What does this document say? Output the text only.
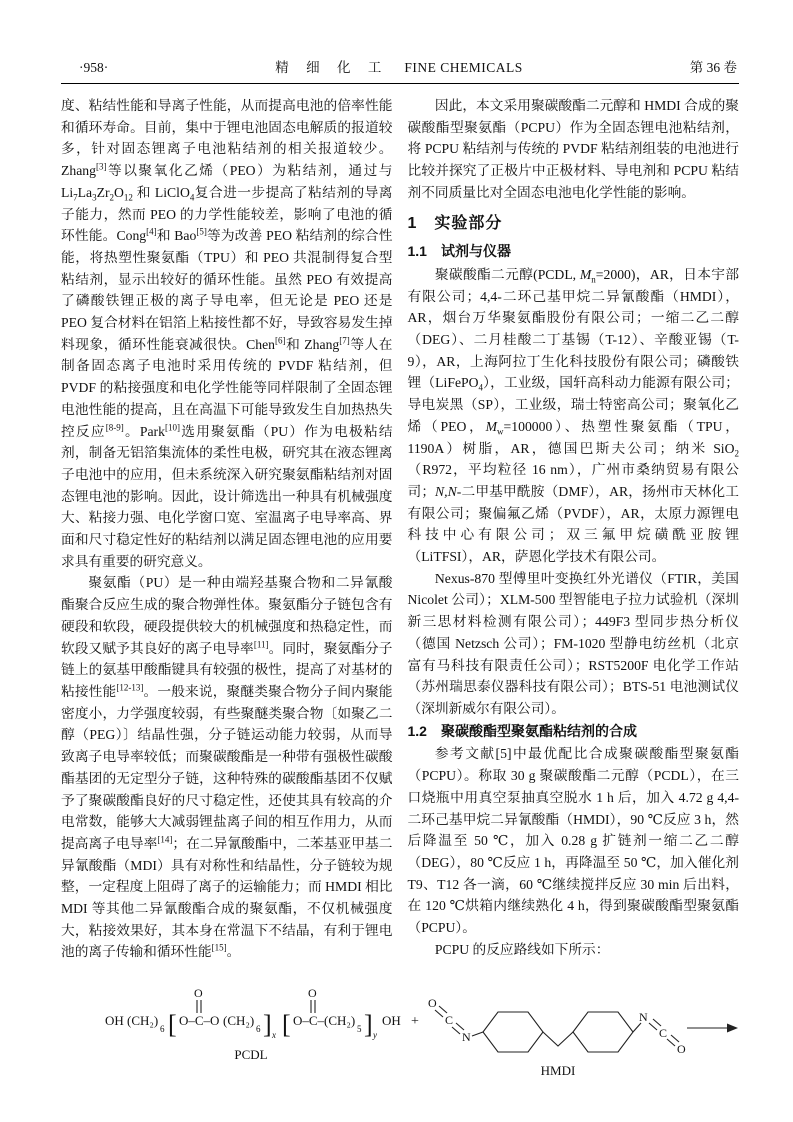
·958·	精 细 化 工 FINE CHEMICALS	第 36 卷

度、粘结性能和导离子性能，从而提高电池的倍率性能和循环寿命。目前，集中于锂电池固态电解质的报道较多，针对固态锂离子电池粘结剂的相关报道较少。Zhang[3]等以聚氧化乙烯（PEO）为粘结剂，通过与 $Li_7La_3Zr_2O_{12}$ 和 LiClO$_4$复合进一步提高了粘结剂的导离子能力，然而 PEO 的力学性能较差，影响了电池的循环性能。Cong[4]和 Bao[5]等为改善 PEO 粘结剂的综合性能，将热塑性聚氨酯（TPU）和 PEO 共混制得复合型粘结剂，显示出较好的循环性能。虽然 PEO 有效提高了磷酸铁锂正极的离子导电率，但无论是 PEO 还是 PEO 复合材料在铝箔上粘接性都不好，导致容易发生掉料现象，循环性能衰减很快。Chen[6]和 Zhang[7]等人在制备固态离子电池时采用传统的 PVDF 粘结剂，但 PVDF 的粘接强度和电化学性能等同样限制了全固态锂电池性能的提高，且在高温下可能导致发生自加热热失控反应[8-9]。Park[10]选用聚氨酯（PU）作为电极粘结剂，制备无铝箔集流体的柔性电极，研究其在液态锂离子电池中的应用，但未系统深入研究聚氨酯粘结剂对固态锂电池的影响。因此，设计筛选出一种具有机械强度大、粘接力强、电化学窗口宽、室温离子电导率高、界面和尺寸稳定性好的粘结剂以满足固态锂电池的应用要求具有重要的研究意义。

聚氨酯（PU）是一种由端羟基聚合物和二异氰酸酯聚合反应生成的聚合物弹性体。聚氨酯分子链包含有硬段和软段，硬段提供较大的机械强度和热稳定性，而软段又赋予其良好的离子电导率[11]。同时，聚氨酯分子链上的氨基甲酸酯键具有较强的极性，提高了对基材的粘接性能[12-13]。一般来说，聚醚类聚合物分子间内聚能密度小，力学强度较弱，有些聚醚类聚合物〔如聚乙二醇（PEG）〕结晶性强，分子链运动能力较弱，从而导致离子电导率较低；而聚碳酸酯是一种带有强极性碳酸酯基团的无定型分子链，这种特殊的碳酸酯基团不仅赋予了聚碳酸酯良好的尺寸稳定性，还使其具有较高的介电常数，能够大大减弱锂盐离子间的相互作用力，从而提高离子电导率[14]；在二异氰酸酯中，二苯基亚甲基二异氰酸酯（MDI）具有对称性和结晶性，分子链较为规整，一定程度上阻碍了离子的运输能力；而 HMDI 相比 MDI 等其他二异氰酸酯合成的聚氨酯，不仅机械强度大，粘接效果好，其本身在常温下不结晶，有利于锂电池的离子传输和循环性能[15]。

因此，本文采用聚碳酸酯二元醇和 HMDI 合成的聚碳酸酯型聚氨酯（PCPU）作为全固态锂电池粘结剂，将 PCPU 粘结剂与传统的 PVDF 粘结剂组装的电池进行比较并探究了正极片中正极材料、导电剂和 PCPU 粘结剂不同质量比对全固态电池电化学性能的影响。

1　实验部分
1.1　试剂与仪器

聚碳酸酯二元醇(PCDL, $M_n=2000$)，AR，日本宇部有限公司；4,4-二环己基甲烷二异氰酸酯（HMDI），AR，烟台万华聚氨酯股份有限公司；一缩二乙二醇（DEG）、二月桂酸二丁基锡（T-12）、辛酸亚锡（T-9），AR，上海阿拉丁生化科技股份有限公司；磷酸铁锂（LiFePO$_4$），工业级，国轩高科动力能源有限公司；导电炭黑（SP），工业级，瑞士特密高公司；聚氧化乙烯（PEO，$M_w=100000$）、热塑性聚氨酯（TPU，1190A）树脂，AR，德国巴斯夫公司；纳米 SiO$_2$（R972，平均粒径 16 nm），广州市桑纳贸易有限公司；N,N-二甲基甲酰胺（DMF），AR，扬州市天林化工有限公司；聚偏氟乙烯（PVDF），AR，太原力源锂电科技中心有限公司；双三氟甲烷磺酰亚胺锂（LiTFSI），AR，萨恩化学技术有限公司。

Nexus-870 型傅里叶变换红外光谱仪（FTIR，美国 Nicolet 公司）；XLM-500 型智能电子拉力试验机（深圳新三思材料检测有限公司）；449F3 型同步热分析仪（德国 Netzsch 公司）；FM-1020 型静电纺丝机（北京富有马科技有限责任公司）；RST5200F 电化学工作站（苏州瑞思泰仪器科技有限公司）；BTS-51 电池测试仪（深圳新威尔有限公司）。

1.2　聚碳酸酯型聚氨酯粘结剂的合成

参考文献[5]中最优配比合成聚碳酸酯型聚氨酯（PCPU）。称取 30 g 聚碳酸酯二元醇（PCDL），在三口烧瓶中用真空泵抽真空脱水 1 h 后，加入 4.72 g 4,4-二环己基甲烷二异氰酸酯（HMDI），90 ℃反应 3 h，然后降温至 50 ℃，加入 0.28 g 扩链剂一缩二乙二醇（DEG），80 ℃反应 1 h，再降温至 50 ℃，加入催化剂 T9、T12 各一滴，60 ℃继续搅拌反应 30 min 后出料，在 120 ℃烘箱内继续熟化 4 h，得到聚碳酸酯型聚氨酯（PCPU）。

PCPU 的反应路线如下所示：

OH (CH₂)
6 [ O–C–O
O
(CH₂)
6 ] x [ O–C–
O
(CH₂)
5 ] y
OH
PCDL
+
O
C
N
N
C
O
HMDI
